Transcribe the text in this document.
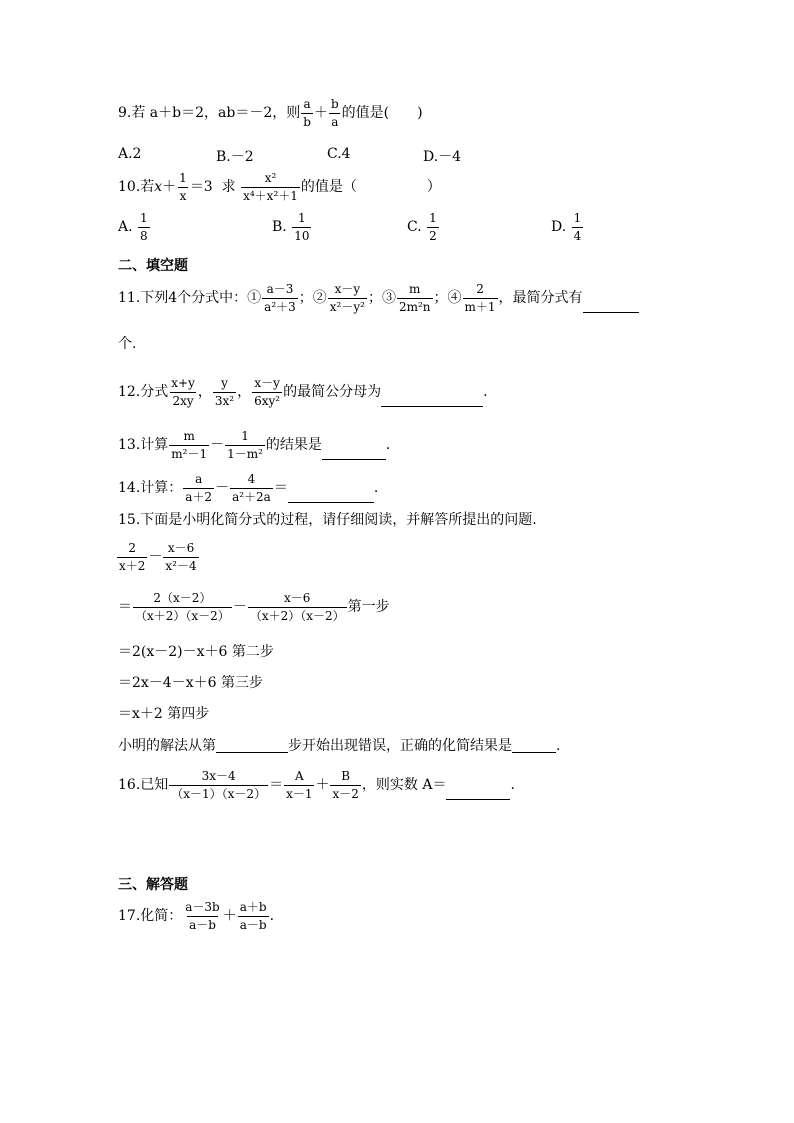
9.若 a＋b＝2，ab＝－2，则 $\frac{a}{b} + \frac{b}{a}$ 的值是(　　)
A.2	B.－2	C.4	D.－4
10.若$x+ \frac{1}{x} =3$ 求 $\frac{\text{x²}}{\text{x⁴＋x²＋1}}$ 的值是（　　　　　）
A. $\frac{1}{8}$	B. $\frac{1}{10}$	C. $\frac{1}{2}$	D. $\frac{1}{4}$
二、填空题
11.下列4个分式中：① $\frac{a-3}{\text{a²＋3}}$ ；② $\frac{x-y}{\text{x²－y²}}$ ；③ $\frac{m}{\text{2m²n}}$ ；④ $\frac{2}{m+1}$ ，最简分式有
个.
12.分式 $\frac{x+y}{2xy}$ ， $\frac{y}{\text{3x²}}$ ， $\frac{x-y}{\text{6xy²}}$ 的最简公分母为	.
13.计算 $\frac{m}{\text{m²－1}} - \frac{1}{\text{1－m²}}$ 的结果是	.
14.计算： $\frac{a}{a+2} - \frac{4}{\text{a²＋2a}}$ ＝	.
15.下面是小明化简分式的过程，请仔细阅读，并解答所提出的问题.
$\frac{2}{x+2} - \frac{x-6}{\text{x²－4}}$
＝ $\frac{2(x-2)}{(x+2)(x-2)} - \frac{x-6}{(x+2)(x-2)}$ 第一步
＝2(x－2)－x＋6 第二步
＝2x－4－x＋6 第三步
＝x＋2 第四步
小明的解法从第	步开始出现错误，正确的化简结果是	.
16.已知 $\frac{3x-4}{(x-1)(x-2)} = \frac{A}{x-1} + \frac{B}{x-2}$ ，则实数 A＝	.
三、解答题
17.化简： $\frac{a-3b}{a-b} + \frac{a+b}{a-b}$ .
